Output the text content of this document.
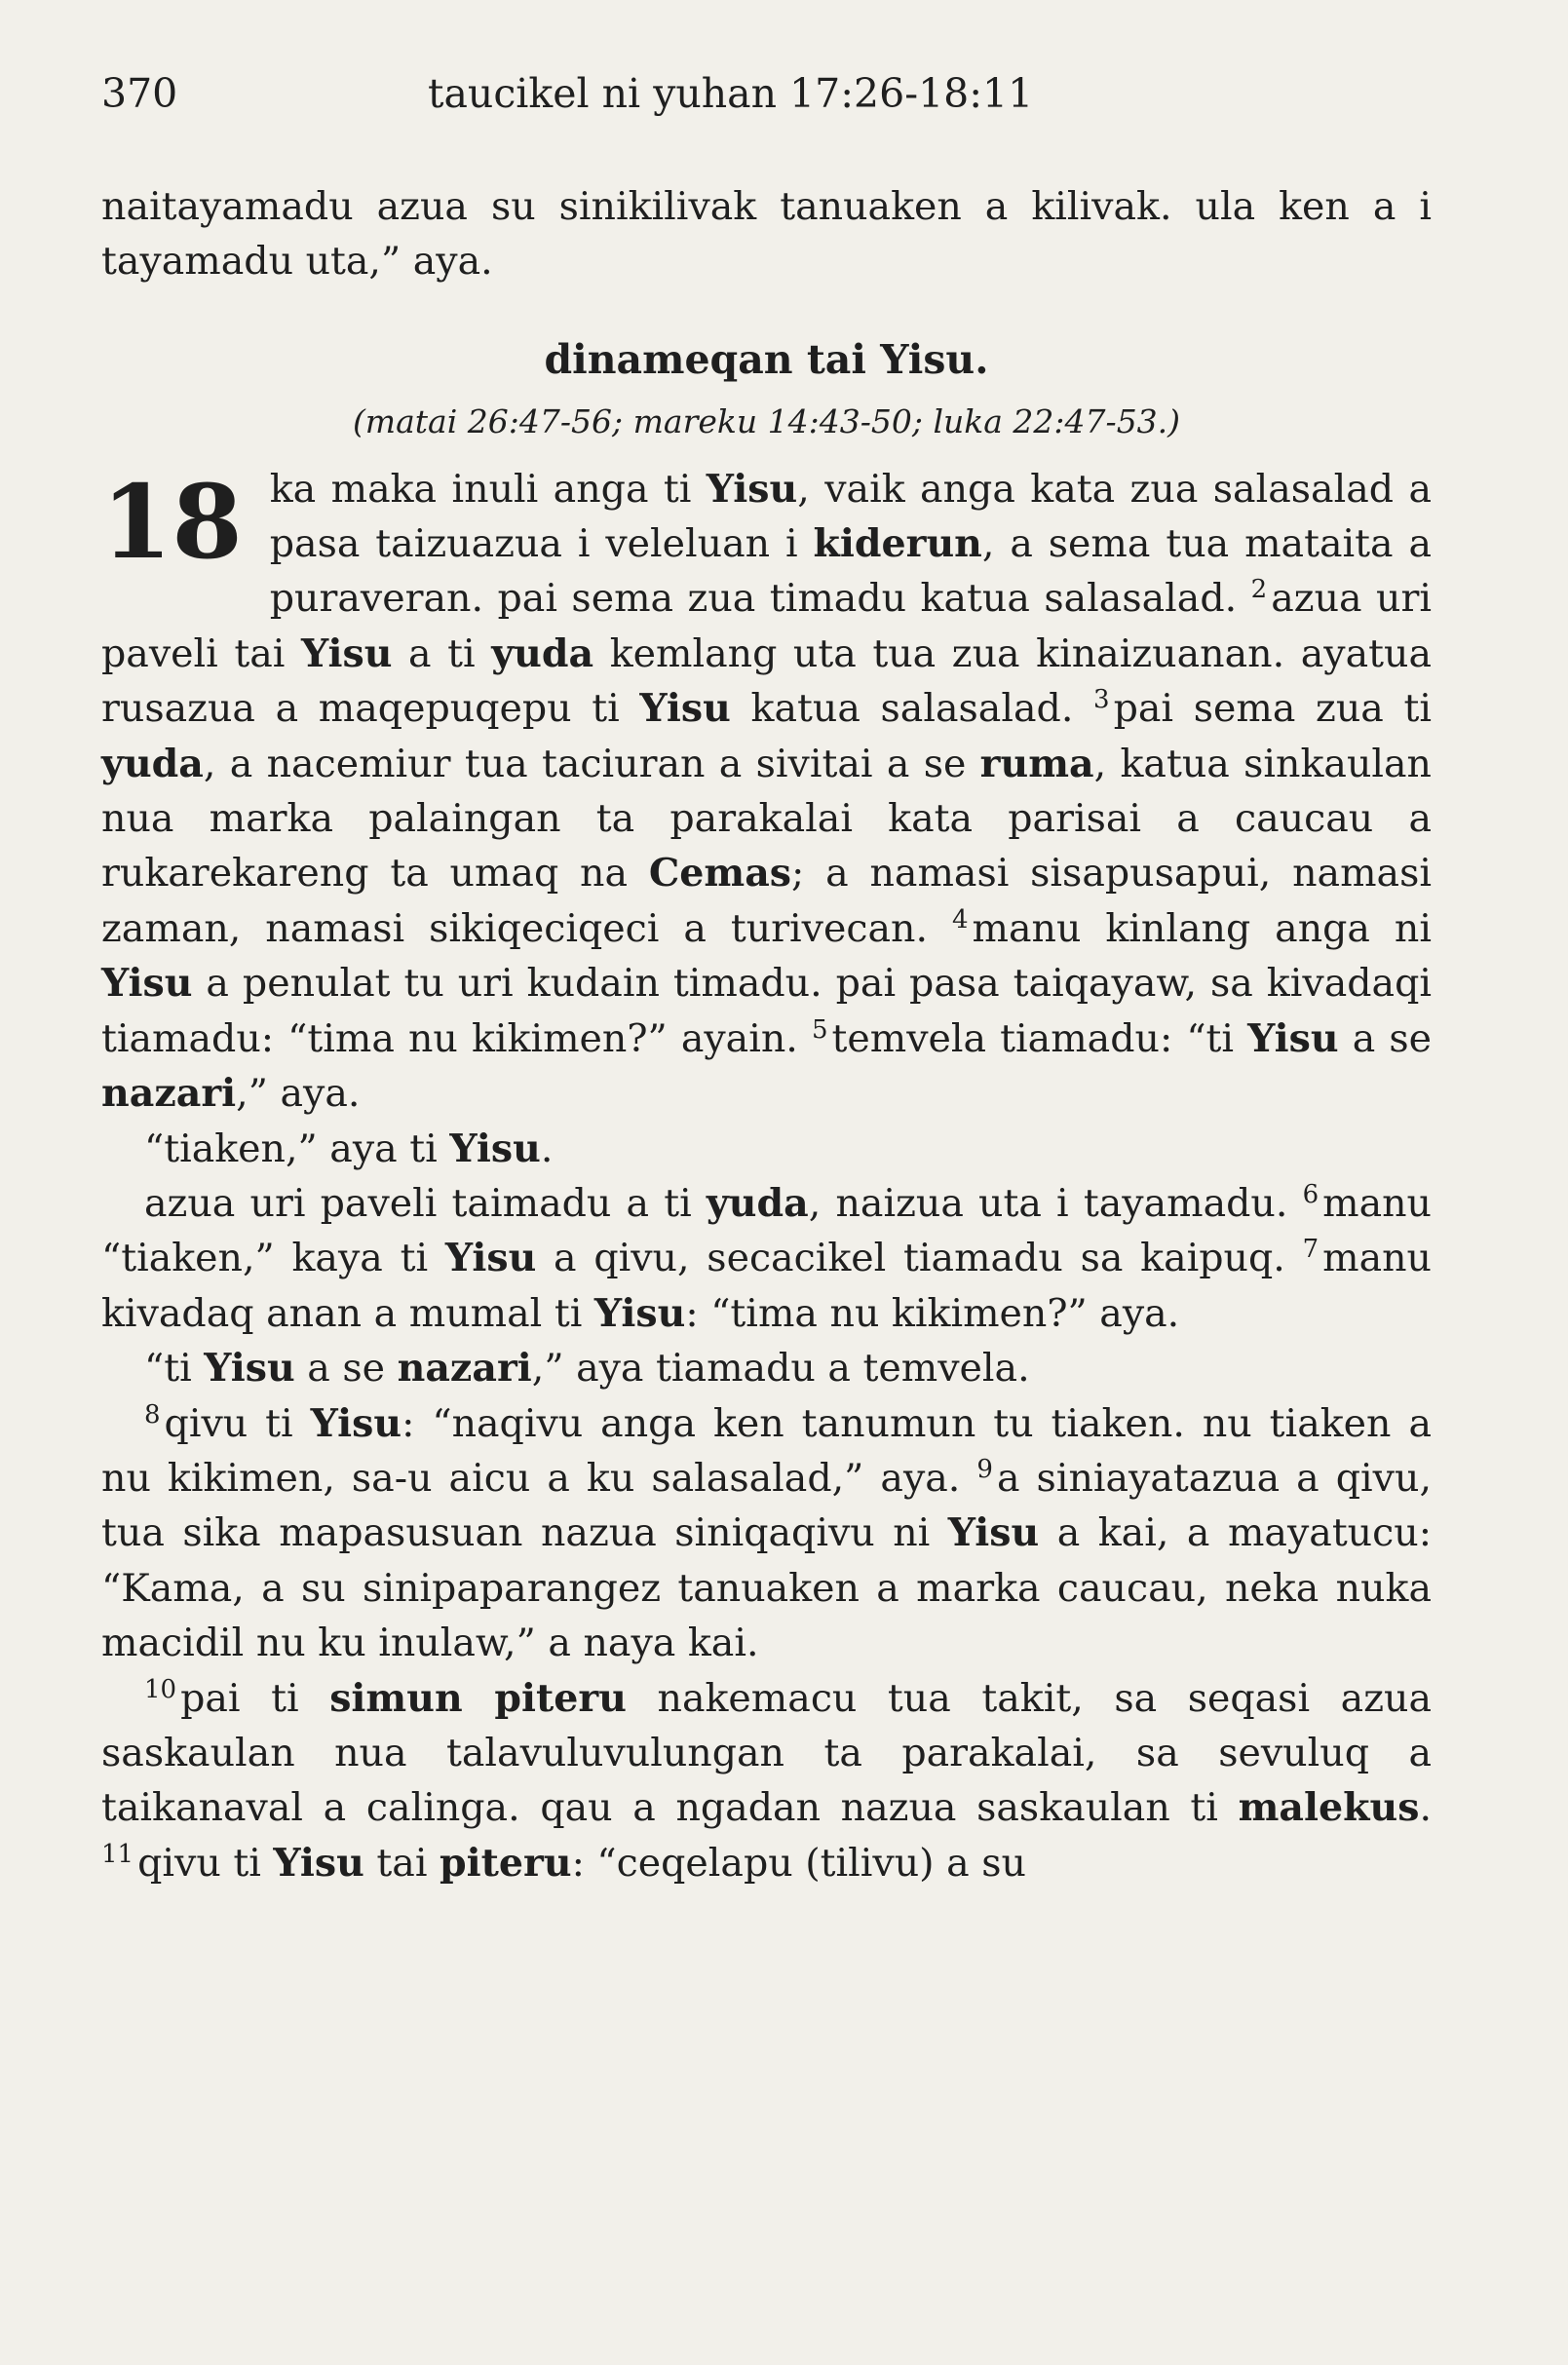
370	taucikel ni yuhan 17:26-18:11

naitayamadu azua su sinikilivak tanuaken a kilivak. ula ken a i tayamadu uta,” aya.

dinameqan tai Yisu.
(matai 26:47-56; mareku 14:43-50; luka 22:47-53.)

18 ka maka inuli anga ti Yisu, vaik anga kata zua salasalad a pasa taizuazua i veleluan i kiderun, a sema tua mataita a puraveran. pai sema zua timadu katua salasalad. $^2$ azua uri paveli tai Yisu a ti yuda kemlang uta tua zua kinaizuanan. ayatua rusazua a maqepuqepu ti Yisu katua salasalad. $^3$ pai sema zua ti yuda, a nacemiur tua taciuran a sivitai a se ruma, katua sinkaulan nua marka palaingan ta parakalai kata parisai a caucau a rukarekareng ta umaq na Cemas; a namasi sisapusapui, namasi zaman, namasi sikiqeciqeci a turivecan. $^4$ manu kinlang anga ni Yisu a penulat tu uri kudain timadu. pai pasa taiqayaw, sa kivadaqi tiamadu: “tima nu kikimen?” ayain. $^5$ temvela tiamadu: “ti Yisu a se nazari,” aya.

“tiaken,” aya ti Yisu.

azua uri paveli taimadu a ti yuda, naizua uta i tayamadu. $^6$ manu “tiaken,” kaya ti Yisu a qivu, secacikel tiamadu sa kaipuq. $^7$ manu kivadaq anan a mumal ti Yisu: “tima nu kikimen?” aya.

“ti Yisu a se nazari,” aya tiamadu a temvela.

$^8$ qivu ti Yisu: “naqivu anga ken tanumun tu tiaken. nu tiaken a nu kikimen, sa-u aicu a ku salasalad,” aya. $^9$ a siniayatazua a qivu, tua sika mapasusuan nazua siniqaqivu ni Yisu a kai, a mayatucu: “Kama, a su sinipaparangez tanuaken a marka caucau, neka nuka macidil nu ku inulaw,” a naya kai.

$^{10}$ pai ti simun piteru nakemacu tua takit, sa seqasi azua saskaulan nua talavuluvulungan ta parakalai, sa sevuluq a taikanaval a calinga. qau a ngadan nazua saskaulan ti malekus. $^{11}$ qivu ti Yisu tai piteru: “ceqelapu (tilivu) a su
